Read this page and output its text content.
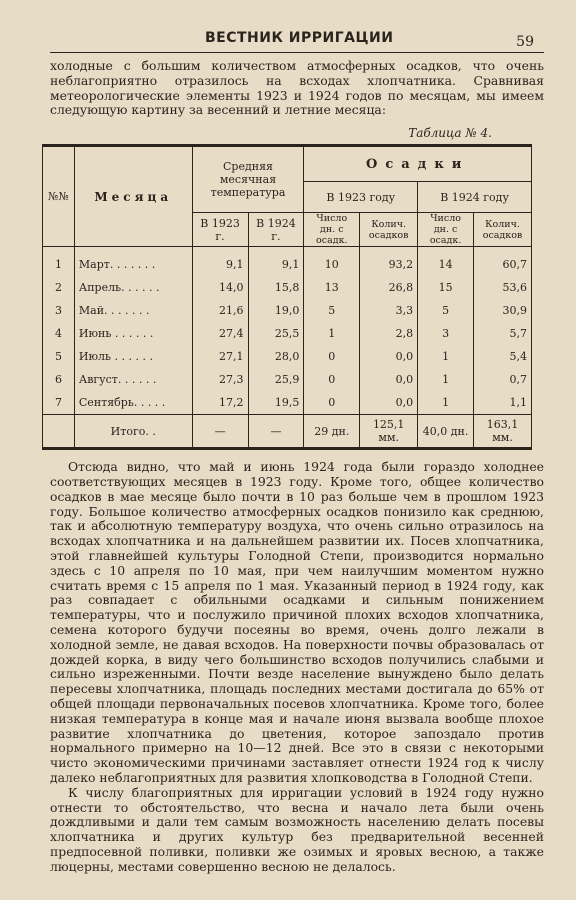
ВЕСТНИК ИРРИГАЦИИ	59

холодные с большим количеством атмосферных осадков, что очень неблагоприятно отразилось на всходах хлопчатника. Сравнивая метеорологические элементы 1923 и 1924 годов по месяцам, мы имеем следующую картину за весенний и летние месяца:

Таблица № 4.
№№	Месяца	Средняя месячная температура		Осадки			
				В 1923 году		В 1924 году	
		В 1923 г.	В 1924 г.	Число дн. с осадк.	Колич. осадков	Число дн. с осадк.	Колич. осадков
1	Март. . . . . . .	9,1	9,1	10	93,2	14	60,7
2	Апрель. . . . . .	14,0	15,8	13	26,8	15	53,6
3	Май. . . . . . .	21,6	19,0	5	3,3	5	30,9
4	Июнь . . . . . .	27,4	25,5	1	2,8	3	5,7
5	Июль . . . . . .	27,1	28,0	0	0,0	1	5,4
6	Август. . . . . .	27,3	25,9	0	0,0	1	0,7
7	Сентябрь. . . . .	17,2	19,5	0	0,0	1	1,1
	Итого. .	—	—	29 дн.	125,1 мм.	40,0 дн.	163,1 мм.

Отсюда видно, что май и июнь 1924 года были гораздо холоднее соответствующих месяцев в 1923 году. Кроме того, общее количество осадков в мае месяце было почти в 10 раз больше чем в прошлом 1923 году. Большое количество атмосферных осадков понизило как среднюю, так и абсолютную температуру воздуха, что очень сильно отразилось на всходах хлопчатника и на дальнейшем развитии их. Посев хлопчатника, этой главнейшей культуры Голодной Степи, производится нормально здесь с 10 апреля по 10 мая, при чем наилучшим моментом нужно считать время с 15 апреля по 1 мая. Указанный период в 1924 году, как раз совпадает с обильными осадками и сильным понижением температуры, что и послужило причиной плохих всходов хлопчатника, семена которого будучи посеяны во время, очень долго лежали в холодной земле, не давая всходов. На поверхности почвы образовалась от дождей корка, в виду чего большинство всходов получились слабыми и сильно изреженными. Почти везде население вынуждено было делать пересевы хлопчатника, площадь последних местами достигала до 65% от общей площади первоначальных посевов хлопчатника. Кроме того, более низкая температура в конце мая и начале июня вызвала вообще плохое развитие хлопчатника до цветения, которое запоздало против нормального примерно на 10—12 дней. Все это в связи с некоторыми чисто экономическими причинами заставляет отнести 1924 год к числу далеко неблагоприятных для развития хлопководства в Голодной Степи.

К числу благоприятных для ирригации условий в 1924 году нужно отнести то обстоятельство, что весна и начало лета были очень дождливыми и дали тем самым возможность населению делать посевы хлопчатника и других культур без предварительной весенней предпосевной поливки, поливки же озимых и яровых весною, а также люцерны, местами совершенно весною не делалось.
